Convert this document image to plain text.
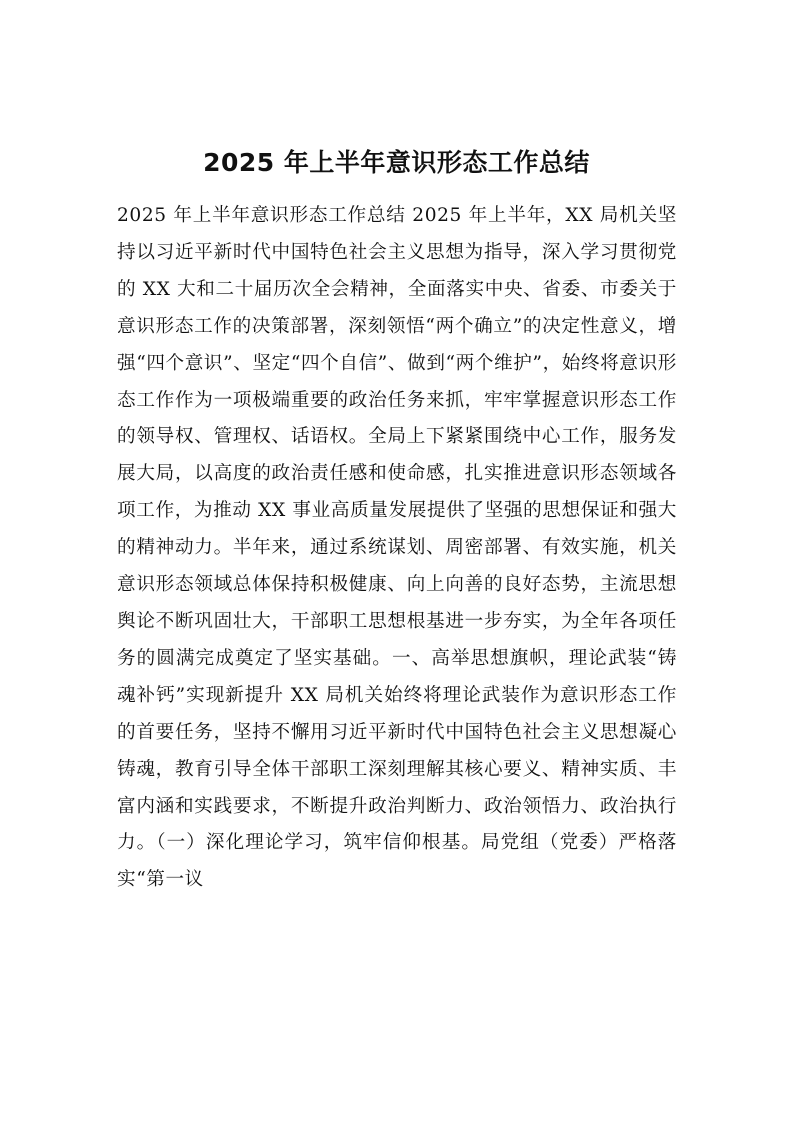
2025 年上半年意识形态工作总结

2025 年上半年意识形态工作总结 2025 年上半年，XX 局机关坚持以习近平新时代中国特色社会主义思想为指导，深入学习贯彻党的 XX 大和二十届历次全会精神，全面落实中央、省委、市委关于意识形态工作的决策部署，深刻领悟“两个确立”的决定性意义，增强“四个意识”、坚定“四个自信”、做到“两个维护”，始终将意识形态工作作为一项极端重要的政治任务来抓，牢牢掌握意识形态工作的领导权、管理权、话语权。全局上下紧紧围绕中心工作，服务发展大局，以高度的政治责任感和使命感，扎实推进意识形态领域各项工作，为推动 XX 事业高质量发展提供了坚强的思想保证和强大的精神动力。半年来，通过系统谋划、周密部署、有效实施，机关意识形态领域总体保持积极健康、向上向善的良好态势，主流思想舆论不断巩固壮大，干部职工思想根基进一步夯实，为全年各项任务的圆满完成奠定了坚实基础。一、高举思想旗帜，理论武装“铸魂补钙”实现新提升 XX 局机关始终将理论武装作为意识形态工作的首要任务，坚持不懈用习近平新时代中国特色社会主义思想凝心铸魂，教育引导全体干部职工深刻理解其核心要义、精神实质、丰富内涵和实践要求，不断提升政治判断力、政治领悟力、政治执行力。（一）深化理论学习，筑牢信仰根基。局党组（党委）严格落实“第一议
